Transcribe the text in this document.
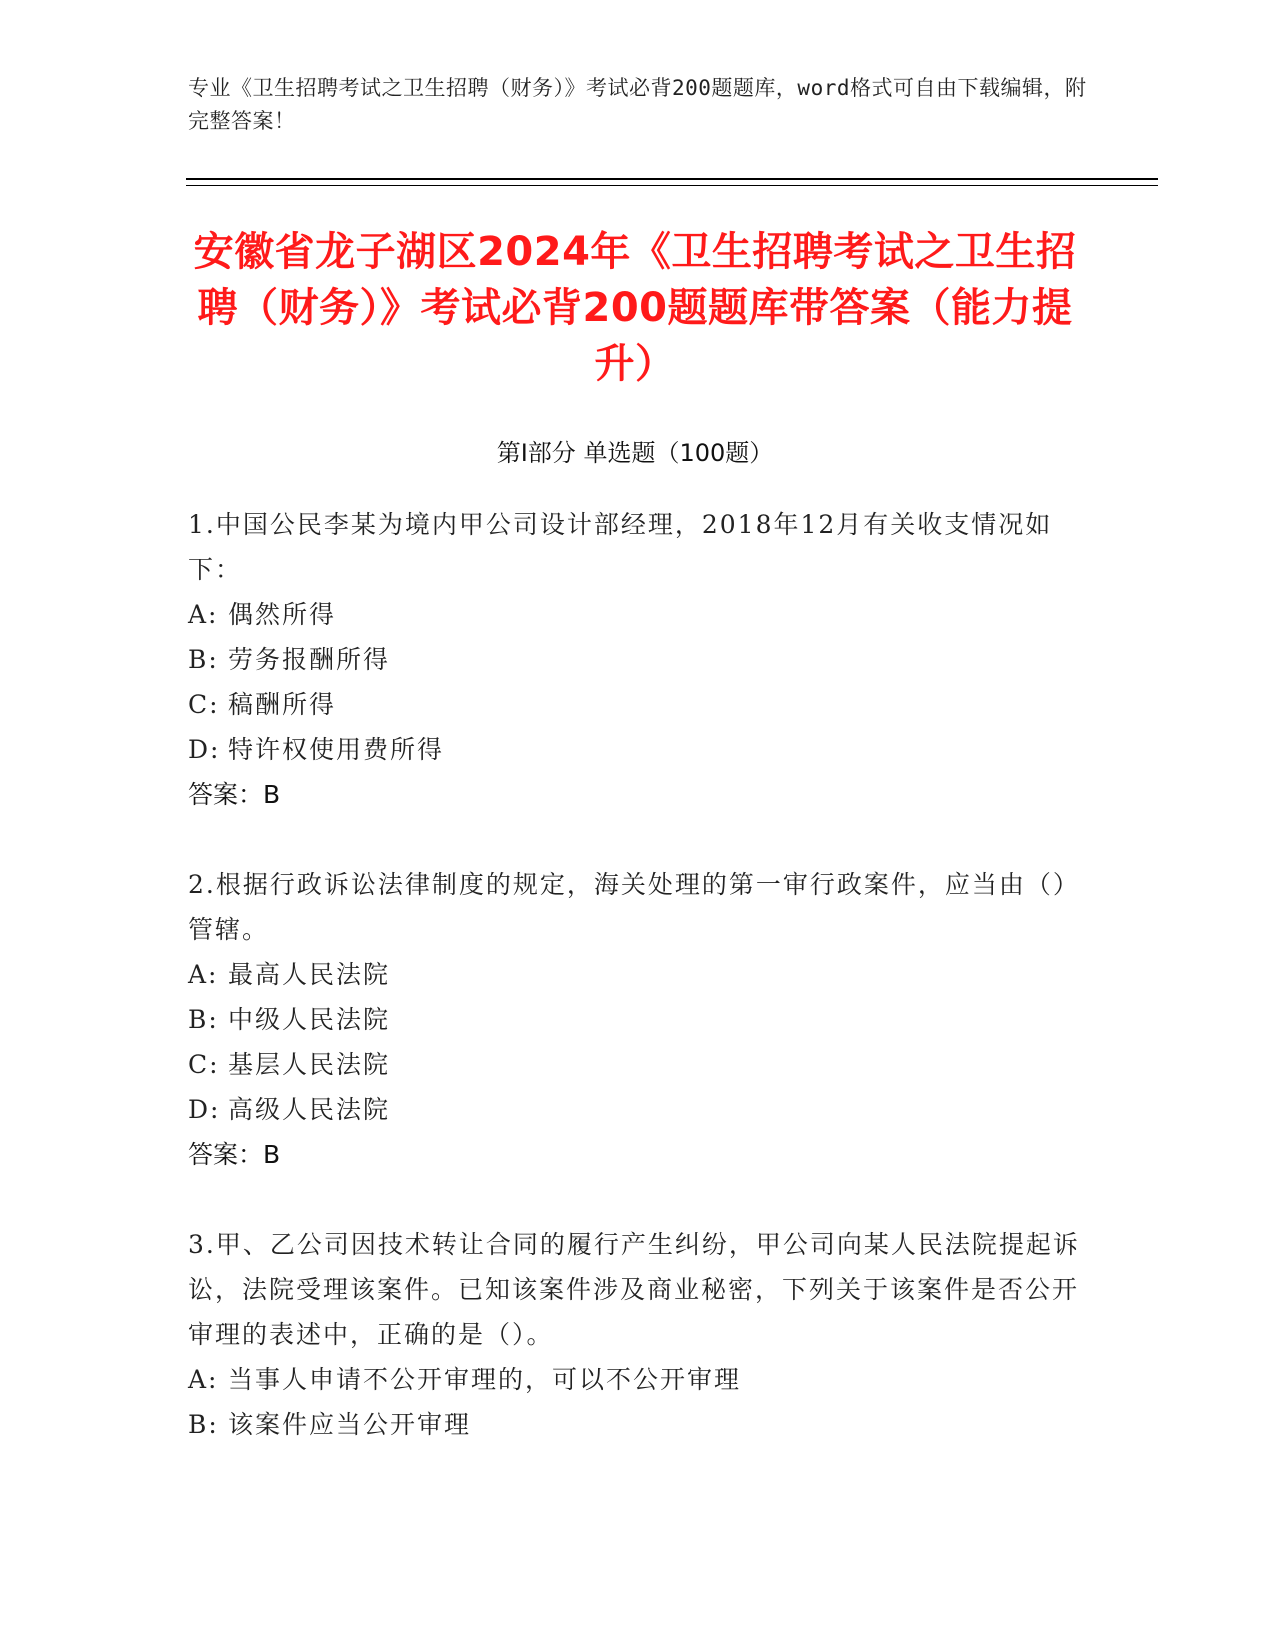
专业《卫生招聘考试之卫生招聘（财务）》考试必背200题题库，word格式可自由下载编辑，附完整答案！
安徽省龙子湖区2024年《卫生招聘考试之卫生招聘（财务）》考试必背200题题库带答案（能力提升）
第Ⅰ部分 单选题（100题）

1.中国公民李某为境内甲公司设计部经理，2018年12月有关收支情况如下：

A: 偶然所得

B: 劳务报酬所得

C: 稿酬所得

D: 特许权使用费所得

答案：B

2.根据行政诉讼法律制度的规定，海关处理的第一审行政案件，应当由（）管辖。

A: 最高人民法院

B: 中级人民法院

C: 基层人民法院

D: 高级人民法院

答案：B

3.甲、乙公司因技术转让合同的履行产生纠纷，甲公司向某人民法院提起诉讼，法院受理该案件。已知该案件涉及商业秘密，下列关于该案件是否公开审理的表述中，正确的是（）。

A: 当事人申请不公开审理的，可以不公开审理

B: 该案件应当公开审理
